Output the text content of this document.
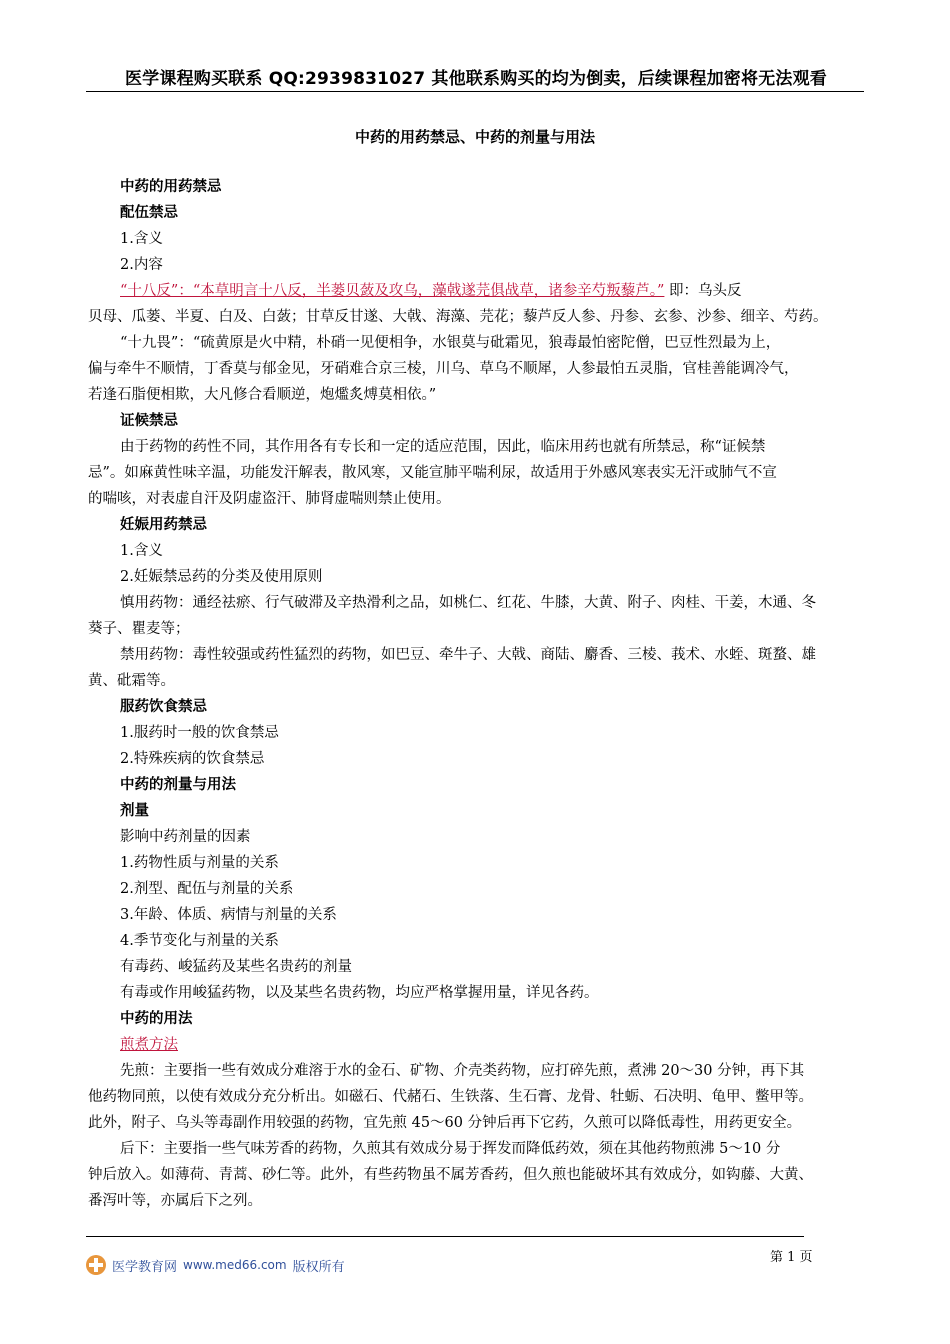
医学课程购买联系 QQ:2939831027 其他联系购买的均为倒卖，后续课程加密将无法观看
中药的用药禁忌、中药的剂量与用法
中药的用药禁忌
配伍禁忌
1.含义
2.内容
“十八反”：“本草明言十八反，半蒌贝蔹及攻乌，藻戟遂芫俱战草，诸参辛芍叛藜芦。” 即：乌头反
贝母、瓜蒌、半夏、白及、白蔹；甘草反甘遂、大戟、海藻、芫花；藜芦反人参、丹参、玄参、沙参、细辛、芍药。
“十九畏”：“硫黄原是火中精，朴硝一见便相争，水银莫与砒霜见，狼毒最怕密陀僧，巴豆性烈最为上，
偏与牵牛不顺情，丁香莫与郁金见，牙硝难合京三棱，川乌、草乌不顺犀，人参最怕五灵脂，官桂善能调冷气，
若逢石脂便相欺，大凡修合看顺逆，炮爁炙煿莫相依。”
证候禁忌
由于药物的药性不同，其作用各有专长和一定的适应范围，因此，临床用药也就有所禁忌，称“证候禁
忌”。如麻黄性味辛温，功能发汗解表，散风寒，又能宣肺平喘利尿，故适用于外感风寒表实无汗或肺气不宣
的喘咳，对表虚自汗及阴虚盗汗、肺肾虚喘则禁止使用。
妊娠用药禁忌
1.含义
2.妊娠禁忌药的分类及使用原则
慎用药物：通经祛瘀、行气破滞及辛热滑利之品，如桃仁、红花、牛膝，大黄、附子、肉桂、干姜，木通、冬
葵子、瞿麦等；
禁用药物：毒性较强或药性猛烈的药物，如巴豆、牵牛子、大戟、商陆、麝香、三棱、莪术、水蛭、斑蝥、雄
黄、砒霜等。
服药饮食禁忌
1.服药时一般的饮食禁忌
2.特殊疾病的饮食禁忌
中药的剂量与用法
剂量
影响中药剂量的因素
1.药物性质与剂量的关系
2.剂型、配伍与剂量的关系
3.年龄、体质、病情与剂量的关系
4.季节变化与剂量的关系
有毒药、峻猛药及某些名贵药的剂量
有毒或作用峻猛药物，以及某些名贵药物，均应严格掌握用量，详见各药。
中药的用法
煎煮方法
先煎：主要指一些有效成分难溶于水的金石、矿物、介壳类药物，应打碎先煎，煮沸 20～30 分钟，再下其
他药物同煎，以使有效成分充分析出。如磁石、代赭石、生铁落、生石膏、龙骨、牡蛎、石决明、龟甲、鳖甲等。
此外，附子、乌头等毒副作用较强的药物，宜先煎 45～60 分钟后再下它药，久煎可以降低毒性，用药更安全。
后下：主要指一些气味芳香的药物，久煎其有效成分易于挥发而降低药效，须在其他药物煎沸 5～10 分
钟后放入。如薄荷、青蒿、砂仁等。此外，有些药物虽不属芳香药，但久煎也能破坏其有效成分，如钩藤、大黄、
番泻叶等，亦属后下之列。
医学教育网 www.med66.com 版权所有
第 1 页
